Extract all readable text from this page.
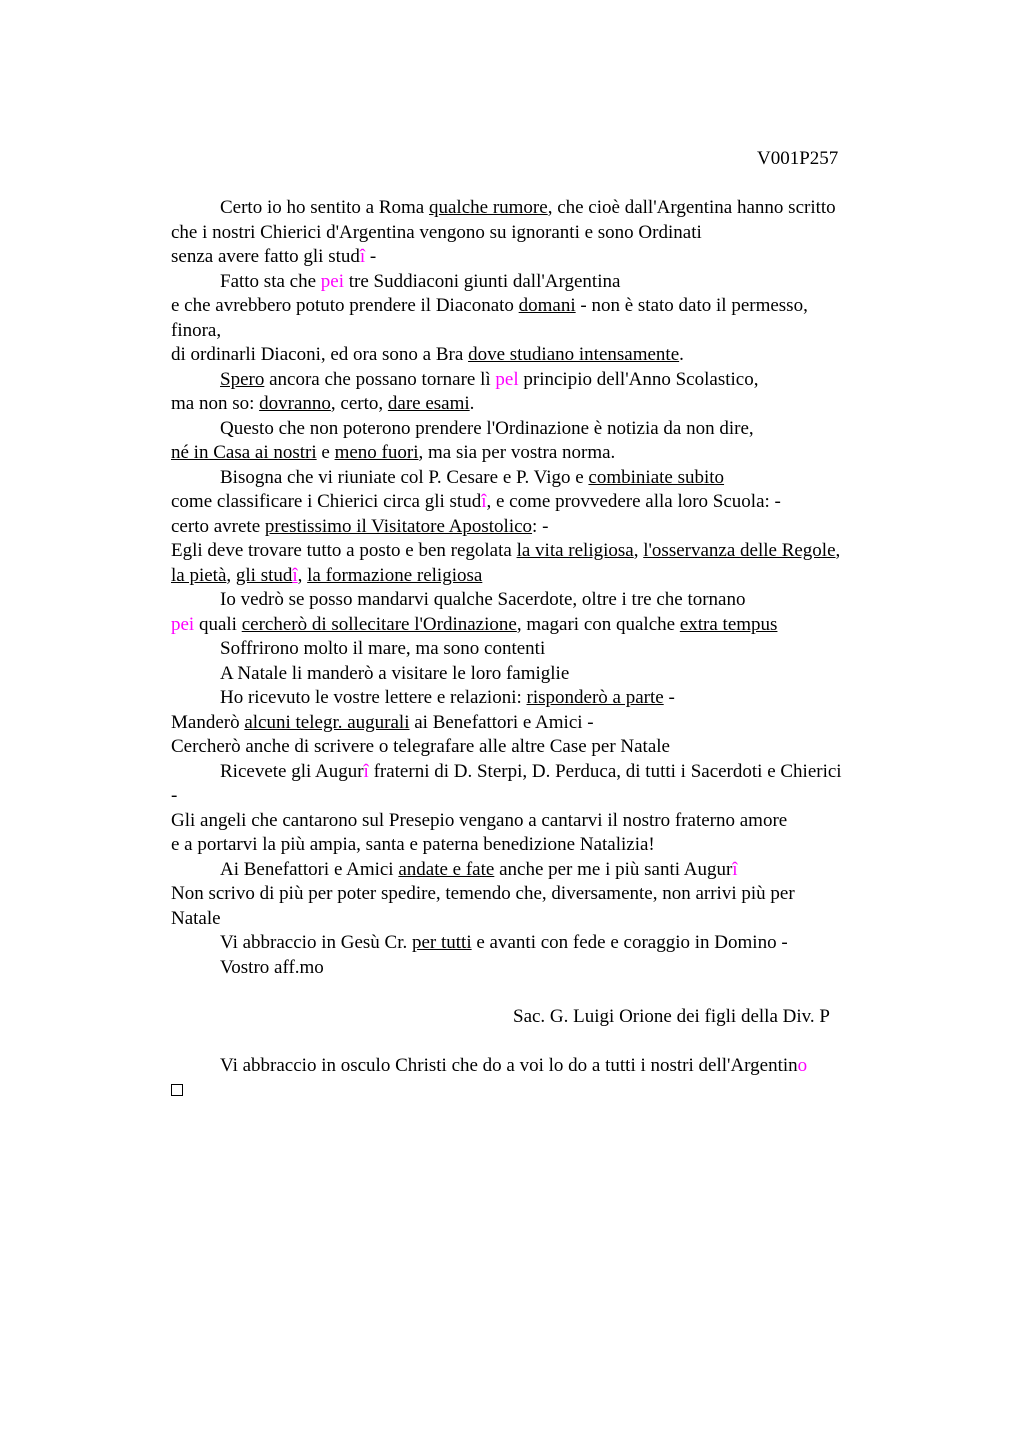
V001P257
Certo io ho sentito a Roma qualche rumore, che cioè dall'Argentina hanno scritto
che i nostri Chierici d'Argentina vengono su ignoranti e sono Ordinati
senza avere fatto gli studî -
Fatto sta che pei tre Suddiaconi giunti dall'Argentina
e che avrebbero potuto prendere il Diaconato domani - non è stato dato il permesso,
finora,
di ordinarli Diaconi, ed ora sono a Bra dove studiano intensamente.
Spero ancora che possano tornare lì pel principio dell'Anno Scolastico,
ma non so: dovranno, certo, dare esami.
Questo che non poterono prendere l'Ordinazione è notizia da non dire,
né in Casa ai nostri e meno fuori, ma sia per vostra norma.
Bisogna che vi riuniate col P. Cesare e P. Vigo e combiniate subito
come classificare i Chierici circa gli studî, e come provvedere alla loro Scuola: -
certo avrete prestissimo il Visitatore Apostolico: -
Egli deve trovare tutto a posto e ben regolata la vita religiosa, l'osservanza delle Regole,
la pietà, gli studî, la formazione religiosa
Io vedrò se posso mandarvi qualche Sacerdote, oltre i tre che tornano
pei quali cercherò di sollecitare l'Ordinazione, magari con qualche extra tempus
Soffrirono molto il mare, ma sono contenti
A Natale li manderò a visitare le loro famiglie
Ho ricevuto le vostre lettere e relazioni: risponderò a parte -
Manderò alcuni telegr. augurali ai Benefattori e Amici -
Cercherò anche di scrivere o telegrafare alle altre Case per Natale
Ricevete gli Augurî fraterni di D. Sterpi, D. Perduca, di tutti i Sacerdoti e Chierici
-
Gli angeli che cantarono sul Presepio vengano a cantarvi il nostro fraterno amore
e a portarvi la più ampia, santa e paterna benedizione Natalizia!
Ai Benefattori e Amici andate e fate anche per me i più santi Augurî
Non scrivo di più per poter spedire, temendo che, diversamente, non arrivi più per
Natale
Vi abbraccio in Gesù Cr. per tutti e avanti con fede e coraggio in Domino -
Vostro aff.mo
Sac. G. Luigi Orione dei figli della Div. P
Vi abbraccio in osculo Christi che do a voi lo do a tutti i nostri dell'Argentino
